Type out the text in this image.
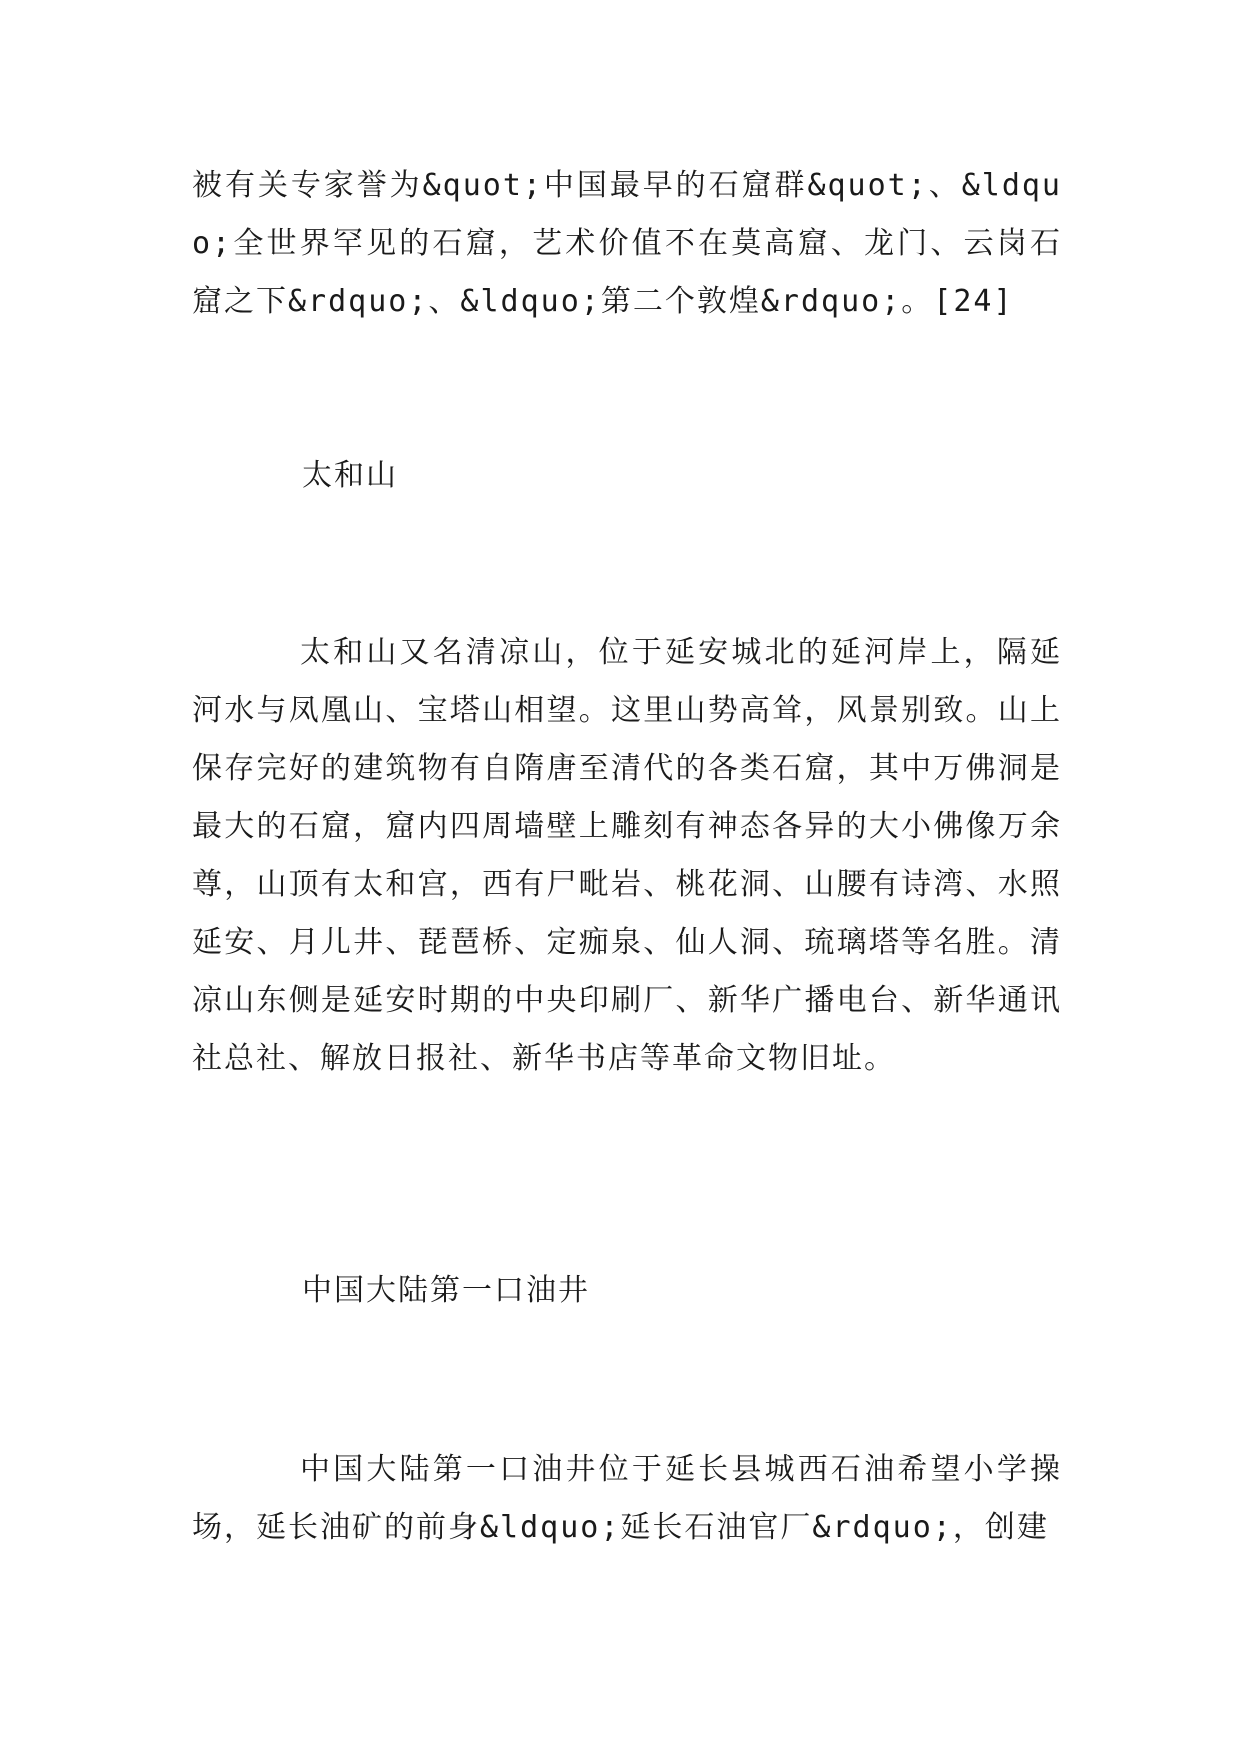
被有关专家誉为&quot;中国最早的石窟群&quot;、&ldquo;全世界罕见的石窟，艺术价值不在莫高窟、龙门、云岗石窟之下&rdquo;、&ldquo;第二个敦煌&rdquo;。[24]

太和山

太和山又名清凉山，位于延安城北的延河岸上，隔延河水与凤凰山、宝塔山相望。这里山势高耸，风景别致。山上保存完好的建筑物有自隋唐至清代的各类石窟，其中万佛洞是最大的石窟，窟内四周墙壁上雕刻有神态各异的大小佛像万余尊，山顶有太和宫，西有尸毗岩、桃花洞、山腰有诗湾、水照延安、月儿井、琵琶桥、定痂泉、仙人洞、琉璃塔等名胜。清凉山东侧是延安时期的中央印刷厂、新华广播电台、新华通讯社总社、解放日报社、新华书店等革命文物旧址。

中国大陆第一口油井

中国大陆第一口油井位于延长县城西石油希望小学操场，延长油矿的前身&ldquo;延长石油官厂&rdquo;，创建
